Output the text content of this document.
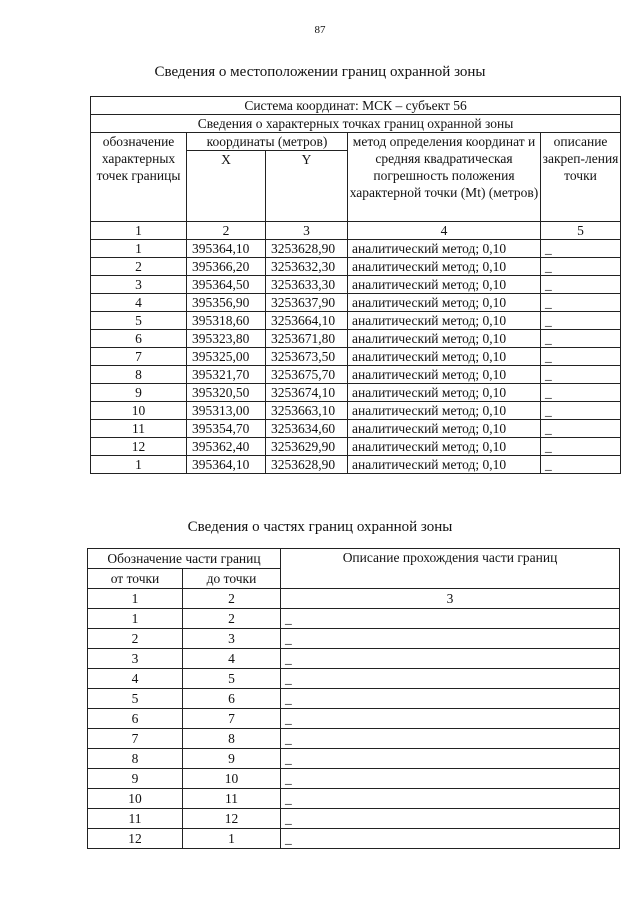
87
Сведения о местоположении границ охранной зоны
Система координат: МСК – субъект 56				
Сведения о характерных точках границ охранной зоны				
обозначение характерных точек границы	координаты (метров)		метод определения координат и средняя квадратическая погрешность положения характерной точки (Mt) (метров)	описание закреп-ления точки
	X	Y		
1	2	3	4	5
1	395364,10	3253628,90	аналитический метод; 0,10	_
2	395366,20	3253632,30	аналитический метод; 0,10	_
3	395364,50	3253633,30	аналитический метод; 0,10	_
4	395356,90	3253637,90	аналитический метод; 0,10	_
5	395318,60	3253664,10	аналитический метод; 0,10	_
6	395323,80	3253671,80	аналитический метод; 0,10	_
7	395325,00	3253673,50	аналитический метод; 0,10	_
8	395321,70	3253675,70	аналитический метод; 0,10	_
9	395320,50	3253674,10	аналитический метод; 0,10	_
10	395313,00	3253663,10	аналитический метод; 0,10	_
11	395354,70	3253634,60	аналитический метод; 0,10	_
12	395362,40	3253629,90	аналитический метод; 0,10	_
1	395364,10	3253628,90	аналитический метод; 0,10	_
Сведения о частях границ охранной зоны
Обозначение части границ		Описание прохождения части границ
от точки	до точки	
1	2	3
1	2	_
2	3	_
3	4	_
4	5	_
5	6	_
6	7	_
7	8	_
8	9	_
9	10	_
10	11	_
11	12	_
12	1	_
